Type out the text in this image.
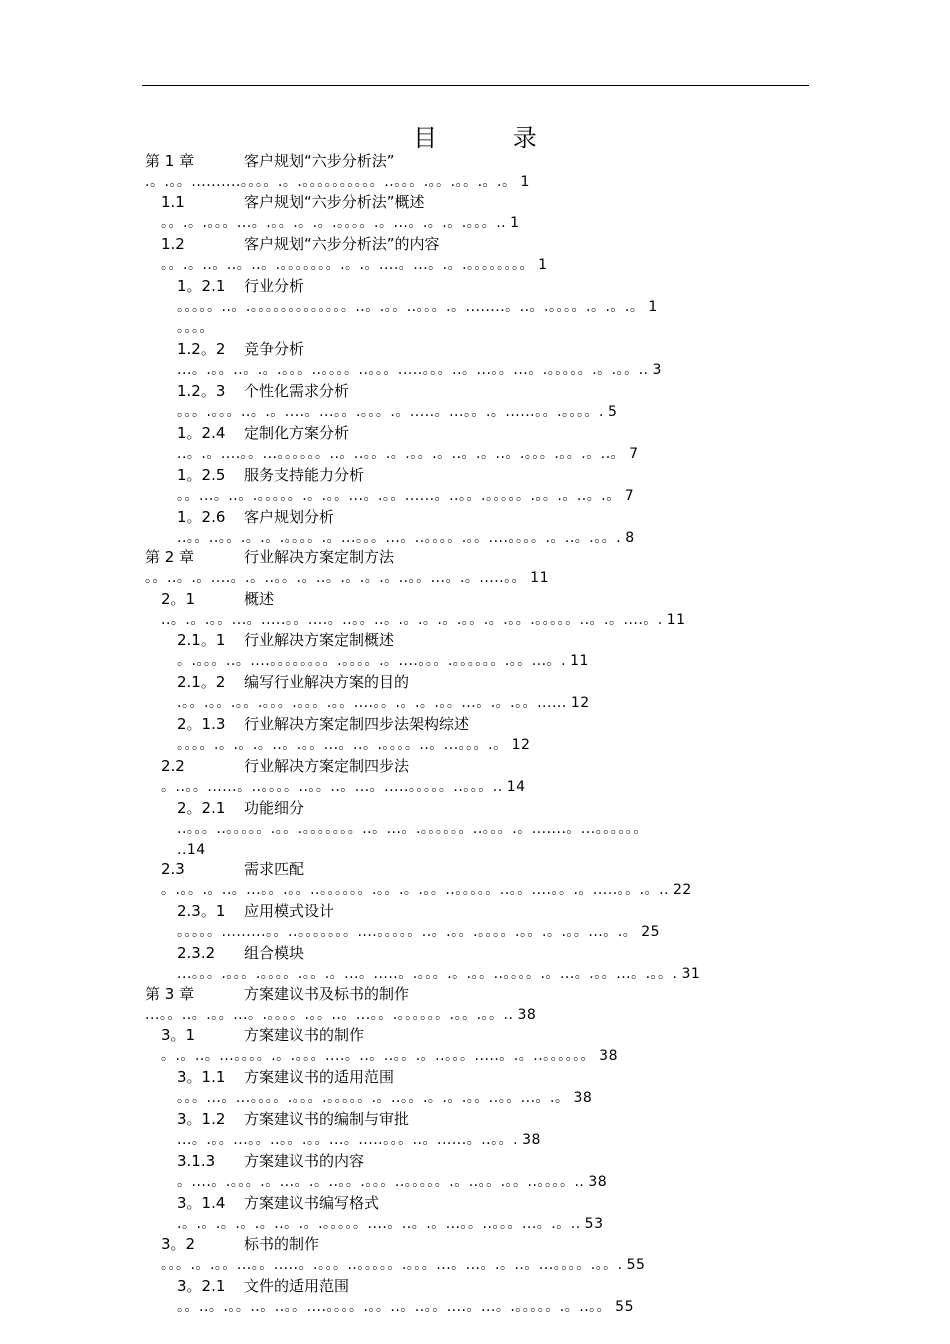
目 录
第 1 章	客户规划“六步分析法”
.。.。。..........。。。。.。.。。。。。。。。。。..。。。.。。.。。.。.。 1
1.1	客户规划“六步分析法”概述
。。.。.。。。...。.。。.。.。.。。。。.。...。.。.。.。。。.. 1
1.2	客户规划“六步分析法”的内容
。。.。..。..。..。.。。。。。。。.。.。....。...。.。.。。。。。。。。 1
1。2.1 行业分析
。。。。。..。.。。。。。。。。。。。。。..。.。。..。。。.。........。..。.。。。。.。.。.。 1
。。。。
1.2。2 竞争分析
...。.。。..。.。.。。。..。。。。..。。。.....。。。..。...。。...。.。。。。。.。.。。.. 3
1.2。3 个性化需求分析
。。。.。。。..。.。....。...。。.。。。.。.....。...。。.。......。。.。。。。. 5
1。2.4 定制化方案分析
..。.。....。。...。。。。。。..。..。。.。.。。.。..。.。..。.。。。.。。.。..。 7
1。2.5 服务支持能力分析
。。...。..。.。。。。。.。.。。...。.。。......。..。。.。。。。。.。。.。..。.。 7
1。2.6 客户规划分析
..。。..。。.。.。.。。。。.。...。。。...。..。。。。.。。....。。。。.。..。.。。. 8
第 2 章	行业解决方案定制方法
。。..。.。....。.。..。。.。..。.。.。.。..。。...。.。.....。。 11
2。1	概述
..。.。.。。...。.....。。....。..。。..。.。.。.。.。。.。.。。.。。。。。..。.。....。. 11
2.1。1 行业解决方案定制概述
。.。。。..。....。。。。。。。。.。。。。.。....。。。.。。。。。。.。。...。. 11
2.1。2 编写行业解决方案的目的
.。。.。。.。。.。。。.。。。.。。....。。.。.。.。。...。.。.。。...... 12
2。1.3 行业解决方案定制四步法架构综述
。。。。.。.。.。..。.。。...。..。.。。。。..。...。。。.。 12
2.2	行业解决方案定制四步法
。..。。......。..。。。。..。。..。...。.....。。。。。..。。。.. 14
2。2.1 功能细分
..。。。..。。。。。.。。.。。。。。。。..。...。.。。。。。。..。。。.。.......。...。。。。。。
..14
2.3	需求匹配
。.。。.。..。...。。.。。..。。。。。。.。。.。.。。..。。。。。..。。....。。.。.....。。.。.. 22
2.3。1 应用模式设计
。。。。。.........。。..。。。。。。。....。。。。。..。.。。.。。。。.。。.。.。。...。.。 25
2.3.2 组合模块
...。。。.。。。.。。。。.。。.。...。.....。.。。。.。.。。..。。。。.。...。.。。...。.。。. 31
第 3 章	方案建议书及标书的制作
...。。..。.。。...。.。。。。.。。..。...。。.。。。。。。.。。.。。.. 38
3。1	方案建议书的制作
。.。..。...。。。。.。.。。。....。..。..。。.。..。。。.....。.。..。。。。。。 38
3。1.1 方案建议书的适用范围
。。。...。...。。。。.。。。.。。。。。.。..。。.。.。.。。..。。...。.。 38
3。1.2 方案建议书的编制与审批
...。.。。...。。..。。.。。...。.....。。。..。......。..。。. 38
3.1.3 方案建议书的内容
。....。.。。。.。...。.。..。。.。。。..。。。。。.。..。。.。。..。。。。.. 38
3。1.4 方案建议书编写格式
.。.。.。.。.。..。.。.。。。。。....。..。.。...。。..。。。...。.。.. 53
3。2	标书的制作
。。。.。.。。...。。.....。.。。。..。。。。。.。。。...。...。.。..。...。。。。.。。. 55
3。2.1 文件的适用范围
。。..。.。。..。..。。....。。。。.。。..。..。。....。...。.。。。。。.。..。。 55
